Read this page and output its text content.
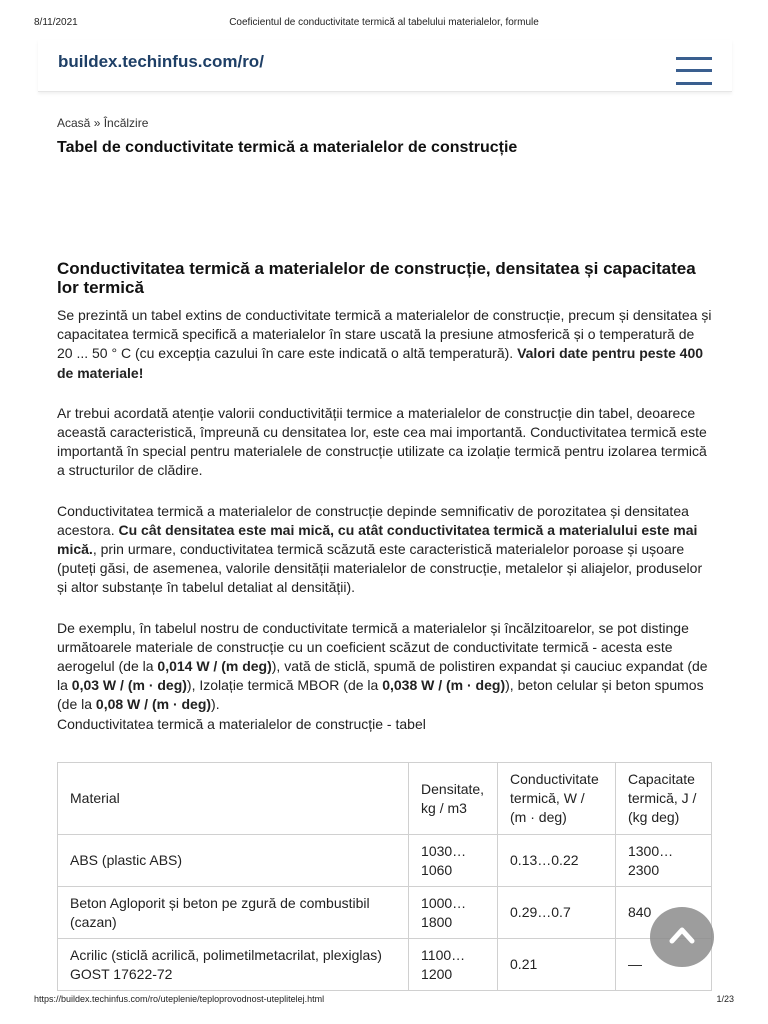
8/11/2021	Coeficientul de conductivitate termică al tabelului materialelor, formule
buildex.techinfus.com/ro/
Acasă » Încălzire
Tabel de conductivitate termică a materialelor de construcție
Conductivitatea termică a materialelor de construcție, densitatea și capacitatea lor termică

Se prezintă un tabel extins de conductivitate termică a materialelor de construcție, precum și densitatea și capacitatea termică specifică a materialelor în stare uscată la presiune atmosferică și o temperatură de 20 ... 50 ° C (cu excepția cazului în care este indicată o altă temperatură). Valori date pentru peste 400 de materiale!

Ar trebui acordată atenție valorii conductivității termice a materialelor de construcție din tabel, deoarece această caracteristică, împreună cu densitatea lor, este cea mai importantă. Conductivitatea termică este importantă în special pentru materialele de construcție utilizate ca izolație termică pentru izolarea termică a structurilor de clădire.

Conductivitatea termică a materialelor de construcție depinde semnificativ de porozitatea și densitatea acestora. Cu cât densitatea este mai mică, cu atât conductivitatea termică a materialului este mai mică., prin urmare, conductivitatea termică scăzută este caracteristică materialelor poroase și ușoare (puteți găsi, de asemenea, valorile densității materialelor de construcție, metalelor și aliajelor, produselor și altor substanțe în tabelul detaliat al densității).

De exemplu, în tabelul nostru de conductivitate termică a materialelor și încălzitoarelor, se pot distinge următoarele materiale de construcție cu un coeficient scăzut de conductivitate termică - acesta este aerogelul (de la 0,014 W / (m deg)), vată de sticlă, spumă de polistiren expandat și cauciuc expandat (de la 0,03 W / (m · deg)), Izolație termică MBOR (de la 0,038 W / (m · deg)), beton celular și beton spumos (de la 0,08 W / (m · deg)).

Conductivitatea termică a materialelor de construcție - tabel

Material	Densitate, kg / m3	Conductivitate termică, W / (m · deg)	Capacitate termică, J / (kg deg)
ABS (plastic ABS)	1030… 1060	0.13…0.22	1300… 2300
Beton Agloporit și beton pe zgură de combustibil (cazan)	1000… 1800	0.29…0.7	840
Acrilic (sticlă acrilică, polimetilmetacrilat, plexiglas) GOST 17622-72	1100… 1200	0.21	—
https://buildex.techinfus.com/ro/uteplenie/teploprovodnost-uteplitelej.html	1/23
